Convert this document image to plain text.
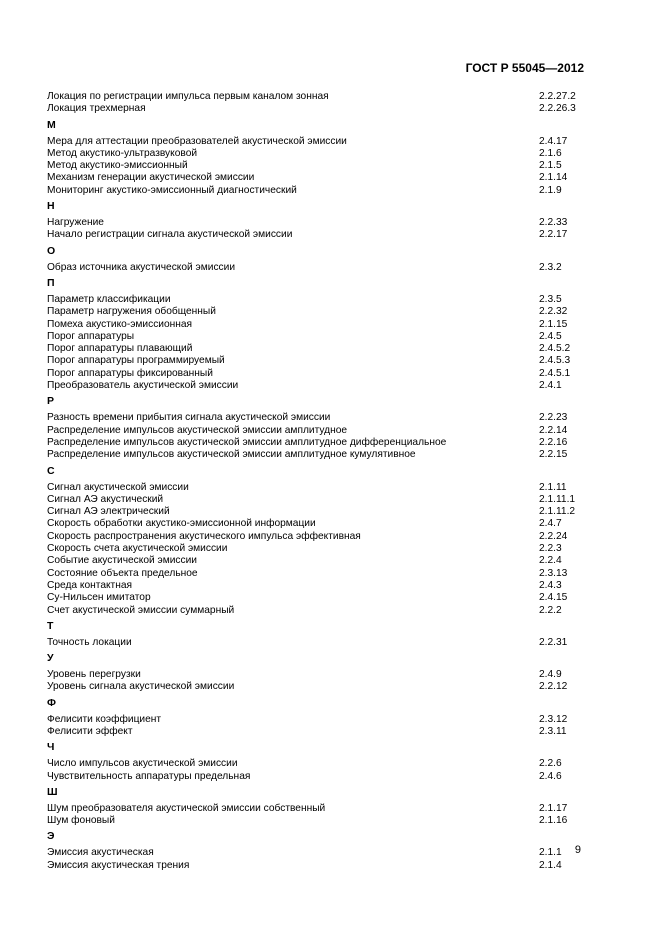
ГОСТ Р 55045—2012
Локация по регистрации импульса первым каналом зонная	2.2.27.2
Локация трехмерная	2.2.26.3
М
Мера для аттестации преобразователей акустической эмиссии	2.4.17
Метод акустико-ультразвуковой	2.1.6
Метод акустико-эмиссионный	2.1.5
Механизм генерации акустической эмиссии	2.1.14
Мониторинг акустико-эмиссионный диагностический	2.1.9
Н
Нагружение	2.2.33
Начало регистрации сигнала акустической эмиссии	2.2.17
О
Образ источника акустической эмиссии	2.3.2
П
Параметр классификации	2.3.5
Параметр нагружения обобщенный	2.2.32
Помеха акустико-эмиссионная	2.1.15
Порог аппаратуры	2.4.5
Порог аппаратуры плавающий	2.4.5.2
Порог аппаратуры программируемый	2.4.5.3
Порог аппаратуры фиксированный	2.4.5.1
Преобразователь акустической эмиссии	2.4.1
Р
Разность времени прибытия сигнала акустической эмиссии	2.2.23
Распределение импульсов акустической эмиссии амплитудное	2.2.14
Распределение импульсов акустической эмиссии амплитудное дифференциальное	2.2.16
Распределение импульсов акустической эмиссии амплитудное кумулятивное	2.2.15
С
Сигнал акустической эмиссии	2.1.11
Сигнал АЭ акустический	2.1.11.1
Сигнал АЭ электрический	2.1.11.2
Скорость обработки акустико-эмиссионной информации	2.4.7
Скорость распространения акустического импульса эффективная	2.2.24
Скорость счета акустической эмиссии	2.2.3
Событие акустической эмиссии	2.2.4
Состояние объекта предельное	2.3.13
Среда контактная	2.4.3
Су-Нильсен имитатор	2.4.15
Счет акустической эмиссии суммарный	2.2.2
Т
Точность локации	2.2.31
У
Уровень перегрузки	2.4.9
Уровень сигнала акустической эмиссии	2.2.12
Ф
Фелисити коэффициент	2.3.12
Фелисити эффект	2.3.11
Ч
Число импульсов акустической эмиссии	2.2.6
Чувствительность аппаратуры предельная	2.4.6
Ш
Шум преобразователя акустической эмиссии собственный	2.1.17
Шум фоновый	2.1.16
Э
Эмиссия акустическая	2.1.1
Эмиссия акустическая трения	2.1.4
9
